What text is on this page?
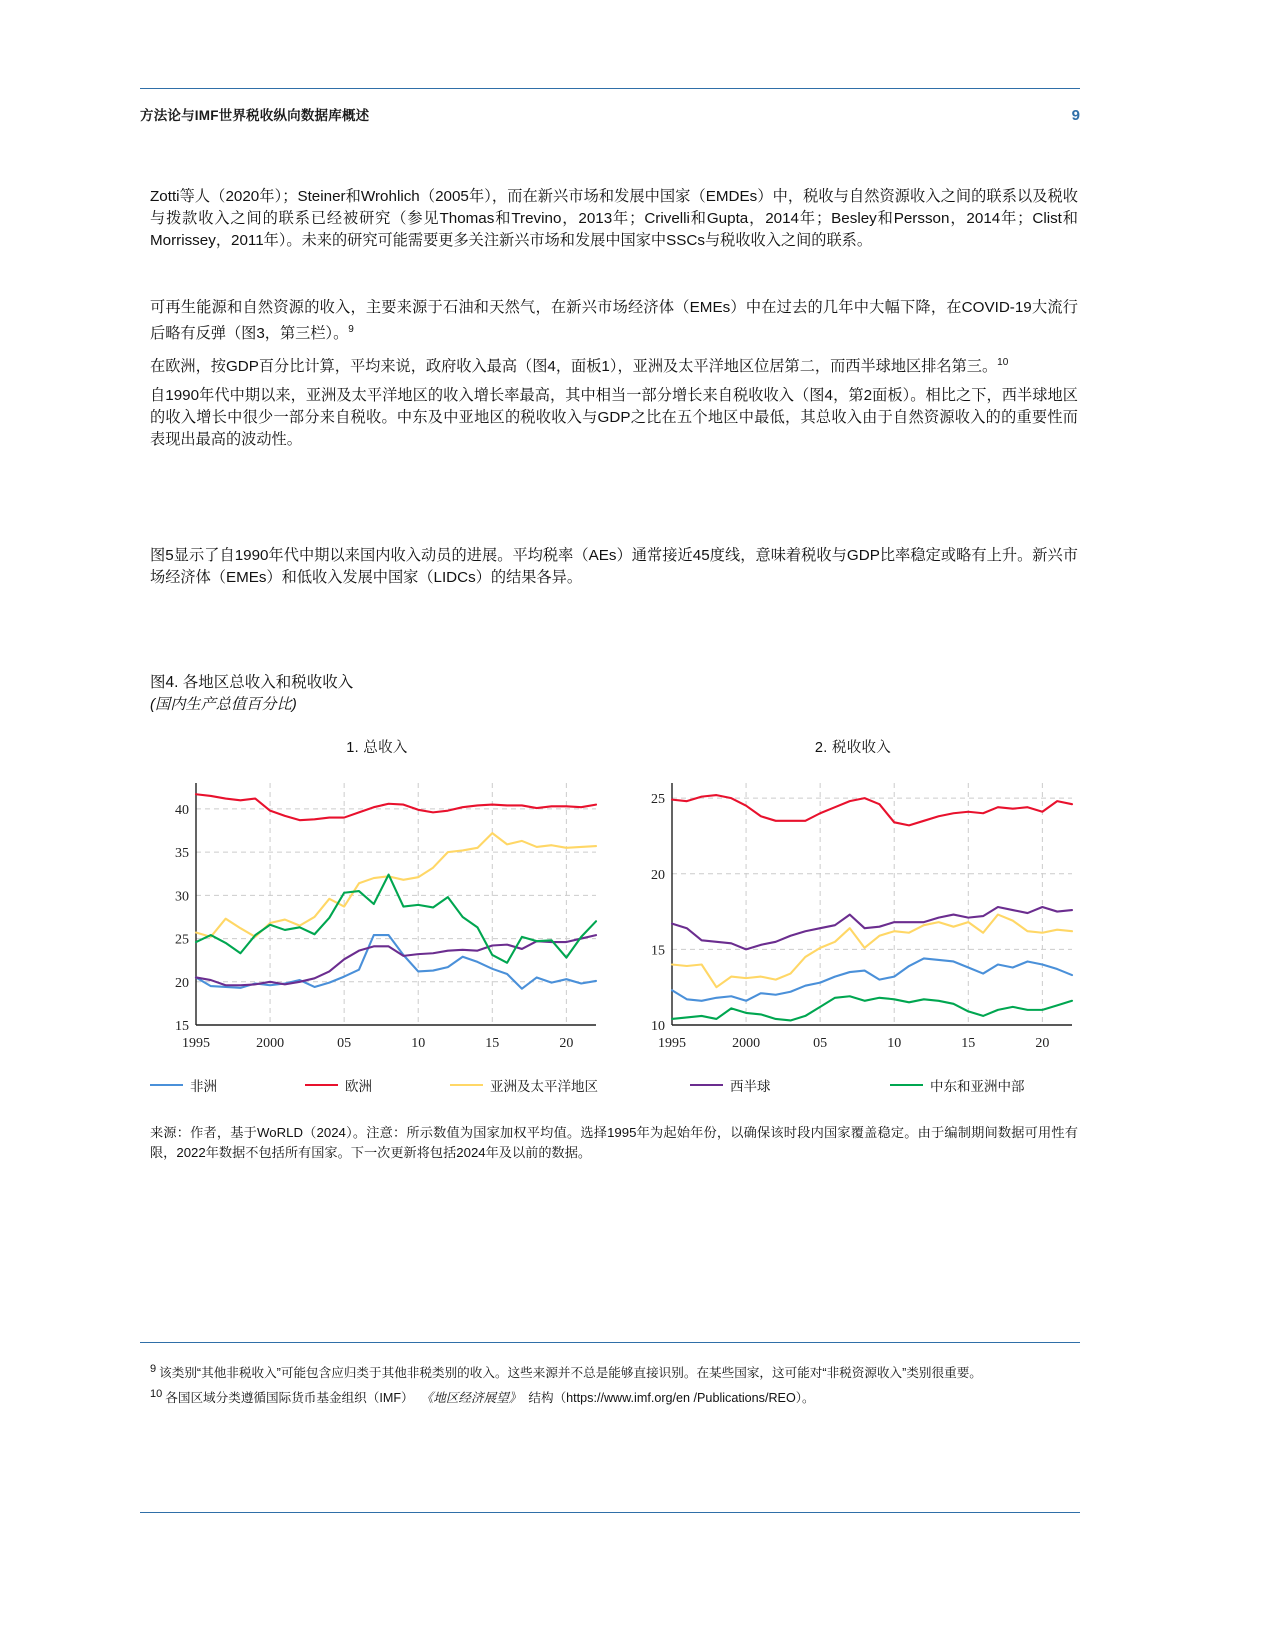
方法论与IMF世界税收纵向数据库概述	9
Zotti等人（2020年）；Steiner和Wrohlich（2005年），而在新兴市场和发展中国家（EMDEs）中，税收与自然资源收入之间的联系以及税收与拨款收入之间的联系已经被研究（参见Thomas和Trevino，2013年；Crivelli和Gupta，2014年；Besley和Persson，2014年；Clist和Morrissey，2011年）。未来的研究可能需要更多关注新兴市场和发展中国家中SSCs与税收收入之间的联系。
可再生能源和自然资源的收入，主要来源于石油和天然气，在新兴市场经济体（EMEs）中在过去的几年中大幅下降，在COVID-19大流行后略有反弹（图3，第三栏）。$^9$
在欧洲，按GDP百分比计算，平均来说，政府收入最高（图4，面板1），亚洲及太平洋地区位居第二，而西半球地区排名第三。$^{10}$
自1990年代中期以来，亚洲及太平洋地区的收入增长率最高，其中相当一部分增长来自税收收入（图4，第2面板）。相比之下，西半球地区的收入增长中很少一部分来自税收。中东及中亚地区的税收收入与GDP之比在五个地区中最低，其总收入由于自然资源收入的的重要性而表现出最高的波动性。
图5显示了自1990年代中期以来国内收入动员的进展。平均税率（AEs）通常接近45度线，意味着税收与GDP比率稳定或略有上升。新兴市场经济体（EMEs）和低收入发展中国家（LIDCs）的结果各异。
图4. 各地区总收入和税收收入
(国内生产总值百分比)
1. 总收入
15
20
25
30
35
40
1995	2000	05	10	15	20
2. 税收收入
10
15
20
25
1995	2000	05	10	15	20
非洲	欧洲	亚洲及太平洋地区	西半球	中东和亚洲中部
来源：作者，基于WoRLD（2024）。注意：所示数值为国家加权平均值。选择1995年为起始年份，以确保该时段内国家覆盖稳定。由于编制期间数据可用性有限，2022年数据不包括所有国家。下一次更新将包括2024年及以前的数据。
9 该类别“其他非税收入”可能包含应归类于其他非税类别的收入。这些来源并不总是能够直接识别。在某些国家，这可能对“非税资源收入”类别很重要。
10 各国区域分类遵循国际货币基金组织（IMF） 《地区经济展望》 结构（https://www.imf.org/en /Publications/REO）。
